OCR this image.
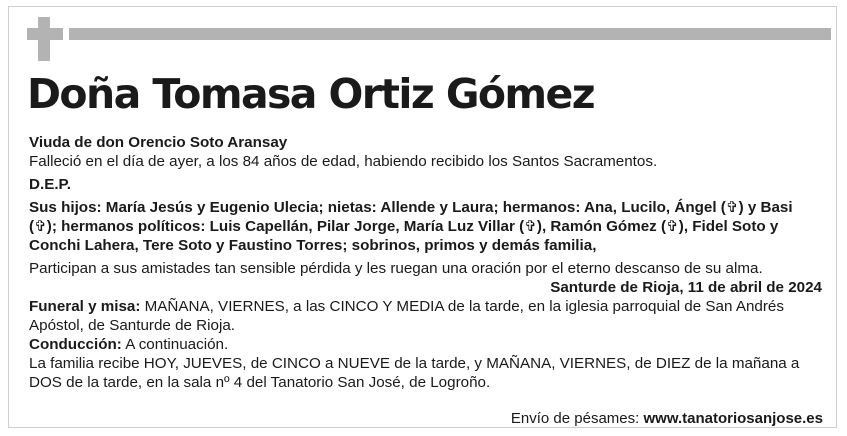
Doña Tomasa Ortiz Gómez

Viuda de don Orencio Soto Aransay

Falleció en el día de ayer, a los 84 años de edad, habiendo recibido los Santos Sacramentos.

D.E.P.

Sus hijos: María Jesús y Eugenio Ulecia; nietas: Allende y Laura; hermanos: Ana, Lucilo, Ángel (✞) y Basi (✞); hermanos políticos: Luis Capellán, Pilar Jorge, María Luz Villar (✞), Ramón Gómez (✞), Fidel Soto y Conchi Lahera, Tere Soto y Faustino Torres; sobrinos, primos y demás familia,

Participan a sus amistades tan sensible pérdida y les ruegan una oración por el eterno descanso de su alma.

Santurde de Rioja, 11 de abril de 2024

Funeral y misa: MAÑANA, VIERNES, a las CINCO Y MEDIA de la tarde, en la iglesia parroquial de San Andrés Apóstol, de Santurde de Rioja.

Conducción: A continuación.

La familia recibe HOY, JUEVES, de CINCO a NUEVE de la tarde, y MAÑANA, VIERNES, de DIEZ de la mañana a DOS de la tarde, en la sala nº 4 del Tanatorio San José, de Logroño.

Envío de pésames: www.tanatoriosanjose.es
